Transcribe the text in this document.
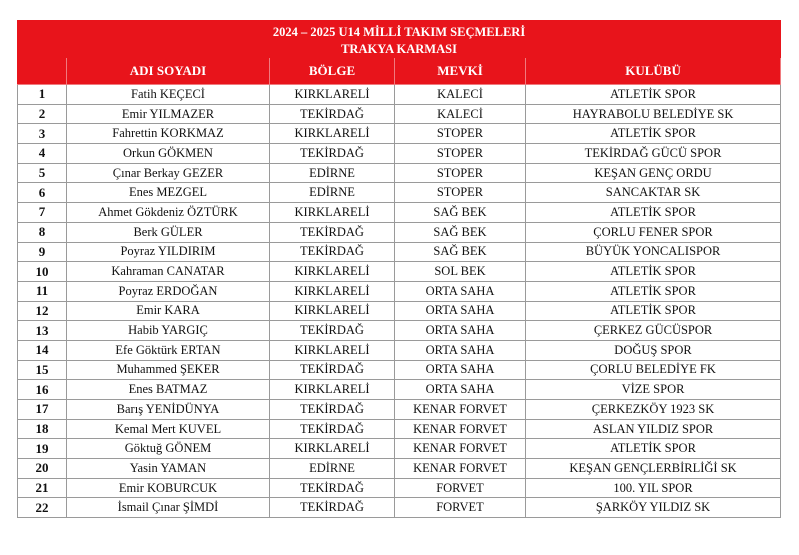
2024 – 2025 U14 MİLLİ TAKIM SEÇMELERİ				
TRAKYA KARMASI				
	ADI SOYADI	BÖLGE	MEVKİ	KULÜBÜ
1	Fatih KEÇECİ	KIRKLARELİ	KALECİ	ATLETİK SPOR
2	Emir YILMAZER	TEKİRDAĞ	KALECİ	HAYRABOLU BELEDİYE SK
3	Fahrettin KORKMAZ	KIRKLARELİ	STOPER	ATLETİK SPOR
4	Orkun GÖKMEN	TEKİRDAĞ	STOPER	TEKİRDAĞ GÜCÜ SPOR
5	Çınar Berkay GEZER	EDİRNE	STOPER	KEŞAN GENÇ ORDU
6	Enes MEZGEL	EDİRNE	STOPER	SANCAKTAR SK
7	Ahmet Gökdeniz ÖZTÜRK	KIRKLARELİ	SAĞ BEK	ATLETİK SPOR
8	Berk GÜLER	TEKİRDAĞ	SAĞ BEK	ÇORLU FENER SPOR
9	Poyraz YILDIRIM	TEKİRDAĞ	SAĞ BEK	BÜYÜK YONCALISPOR
10	Kahraman CANATAR	KIRKLARELİ	SOL BEK	ATLETİK SPOR
11	Poyraz ERDOĞAN	KIRKLARELİ	ORTA SAHA	ATLETİK SPOR
12	Emir KARA	KIRKLARELİ	ORTA SAHA	ATLETİK SPOR
13	Habib YARGIÇ	TEKİRDAĞ	ORTA SAHA	ÇERKEZ GÜCÜSPOR
14	Efe Göktürk ERTAN	KIRKLARELİ	ORTA SAHA	DOĞUŞ SPOR
15	Muhammed ŞEKER	TEKİRDAĞ	ORTA SAHA	ÇORLU BELEDİYE FK
16	Enes BATMAZ	KIRKLARELİ	ORTA SAHA	VİZE SPOR
17	Barış YENİDÜNYA	TEKİRDAĞ	KENAR FORVET	ÇERKEZKÖY 1923 SK
18	Kemal Mert KUVEL	TEKİRDAĞ	KENAR FORVET	ASLAN YILDIZ SPOR
19	Göktuğ GÖNEM	KIRKLARELİ	KENAR FORVET	ATLETİK SPOR
20	Yasin YAMAN	EDİRNE	KENAR FORVET	KEŞAN GENÇLERBİRLİĞİ SK
21	Emir KOBURCUK	TEKİRDAĞ	FORVET	100. YIL SPOR
22	İsmail Çınar ŞİMDİ	TEKİRDAĞ	FORVET	ŞARKÖY YILDIZ SK
